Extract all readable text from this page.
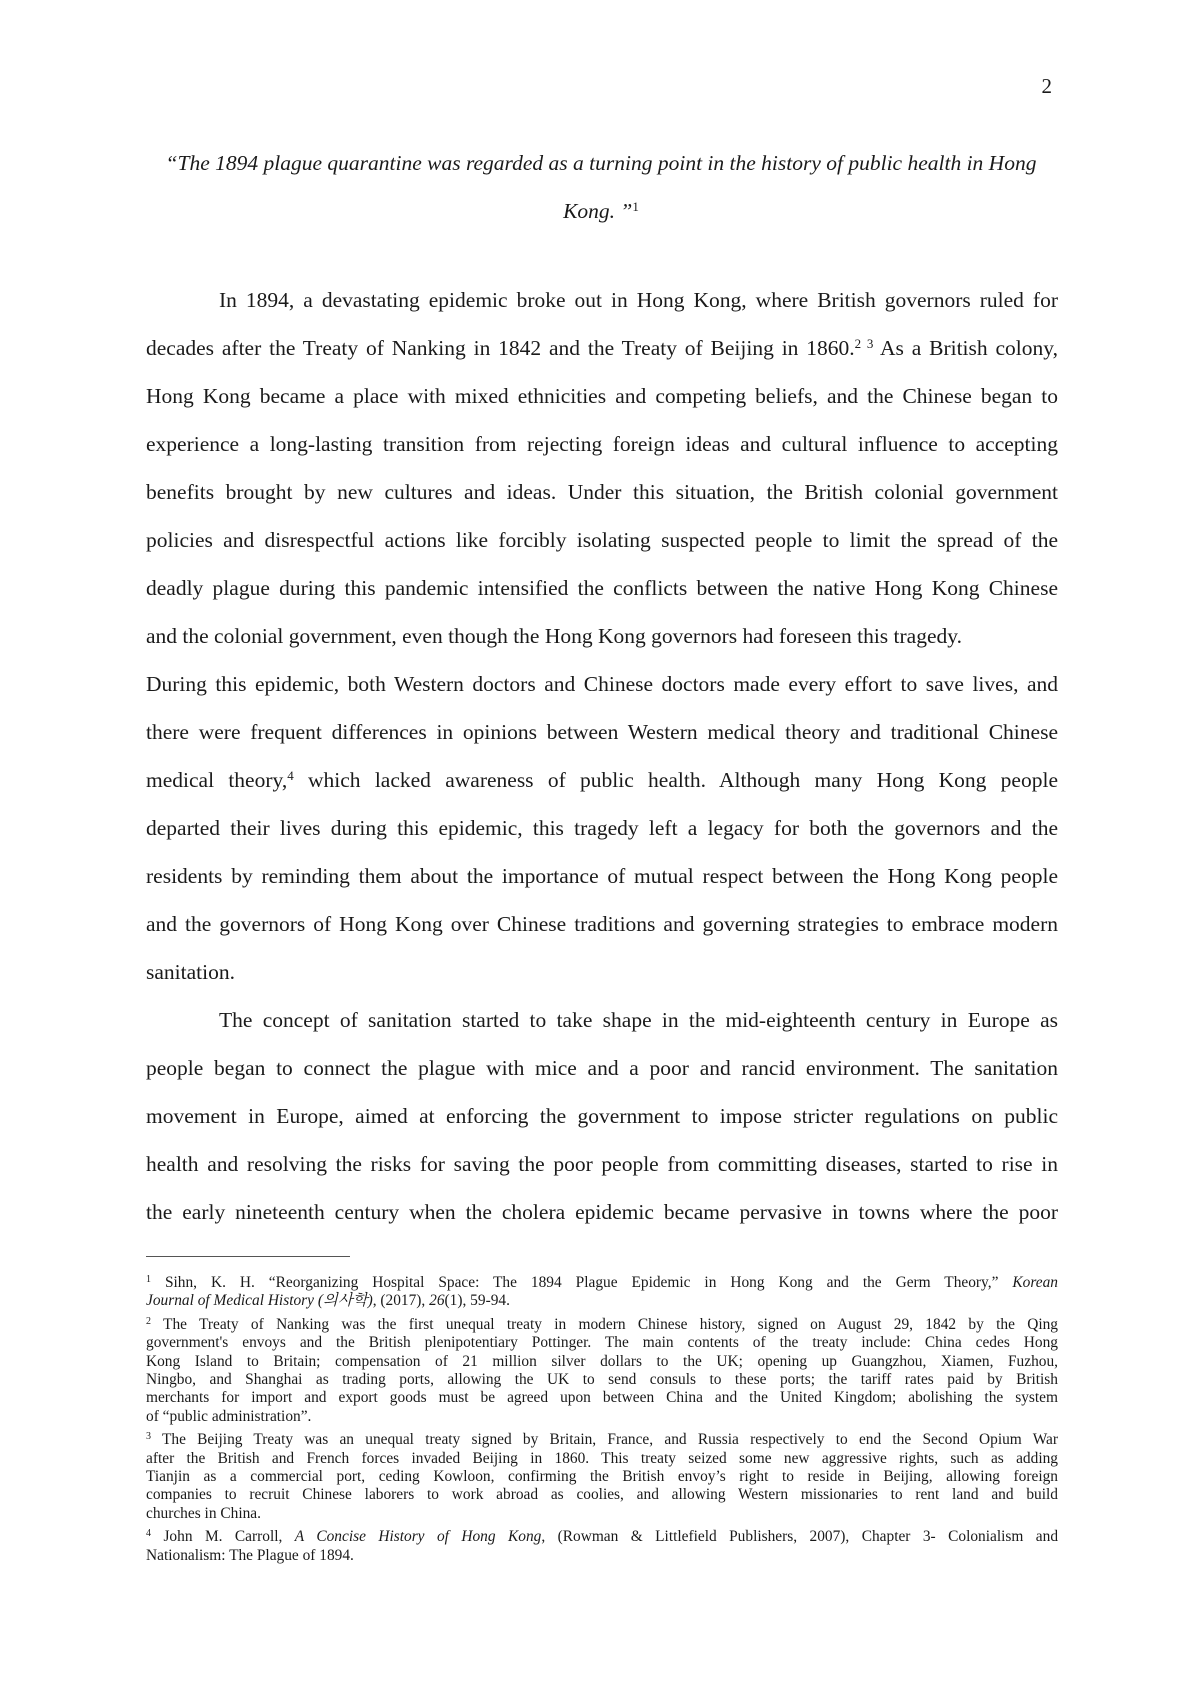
2
“The 1894 plague quarantine was regarded as a turning point in the history of public health in Hong
Kong. ”$^1$
In 1894, a devastating epidemic broke out in Hong Kong, where British governors ruled for
decades after the Treaty of Nanking in 1842 and the Treaty of Beijing in 1860.$^{2 3}$ As a British colony,
Hong Kong became a place with mixed ethnicities and competing beliefs, and the Chinese began to
experience a long-lasting transition from rejecting foreign ideas and cultural influence to accepting
benefits brought by new cultures and ideas. Under this situation, the British colonial government
policies and disrespectful actions like forcibly isolating suspected people to limit the spread of the
deadly plague during this pandemic intensified the conflicts between the native Hong Kong Chinese
and the colonial government, even though the Hong Kong governors had foreseen this tragedy.
During this epidemic, both Western doctors and Chinese doctors made every effort to save lives, and
there were frequent differences in opinions between Western medical theory and traditional Chinese
medical theory,$^4$ which lacked awareness of public health. Although many Hong Kong people
departed their lives during this epidemic, this tragedy left a legacy for both the governors and the
residents by reminding them about the importance of mutual respect between the Hong Kong people
and the governors of Hong Kong over Chinese traditions and governing strategies to embrace modern
sanitation.
The concept of sanitation started to take shape in the mid-eighteenth century in Europe as
people began to connect the plague with mice and a poor and rancid environment. The sanitation
movement in Europe, aimed at enforcing the government to impose stricter regulations on public
health and resolving the risks for saving the poor people from committing diseases, started to rise in
the early nineteenth century when the cholera epidemic became pervasive in towns where the poor
$^1$ Sihn, K. H. “Reorganizing Hospital Space: The 1894 Plague Epidemic in Hong Kong and the Germ Theory,” Korean
Journal of Medical History (의사학), (2017), 26(1), 59-94.
$^2$ The Treaty of Nanking was the first unequal treaty in modern Chinese history, signed on August 29, 1842 by the Qing
government's envoys and the British plenipotentiary Pottinger. The main contents of the treaty include: China cedes Hong
Kong Island to Britain; compensation of 21 million silver dollars to the UK; opening up Guangzhou, Xiamen, Fuzhou,
Ningbo, and Shanghai as trading ports, allowing the UK to send consuls to these ports; the tariff rates paid by British
merchants for import and export goods must be agreed upon between China and the United Kingdom; abolishing the system
of “public administration”.
$^3$ The Beijing Treaty was an unequal treaty signed by Britain, France, and Russia respectively to end the Second Opium War
after the British and French forces invaded Beijing in 1860. This treaty seized some new aggressive rights, such as adding
Tianjin as a commercial port, ceding Kowloon, confirming the British envoy’s right to reside in Beijing, allowing foreign
companies to recruit Chinese laborers to work abroad as coolies, and allowing Western missionaries to rent land and build
churches in China.
$^4$ John M. Carroll, A Concise History of Hong Kong, (Rowman & Littlefield Publishers, 2007), Chapter 3- Colonialism and
Nationalism: The Plague of 1894.
